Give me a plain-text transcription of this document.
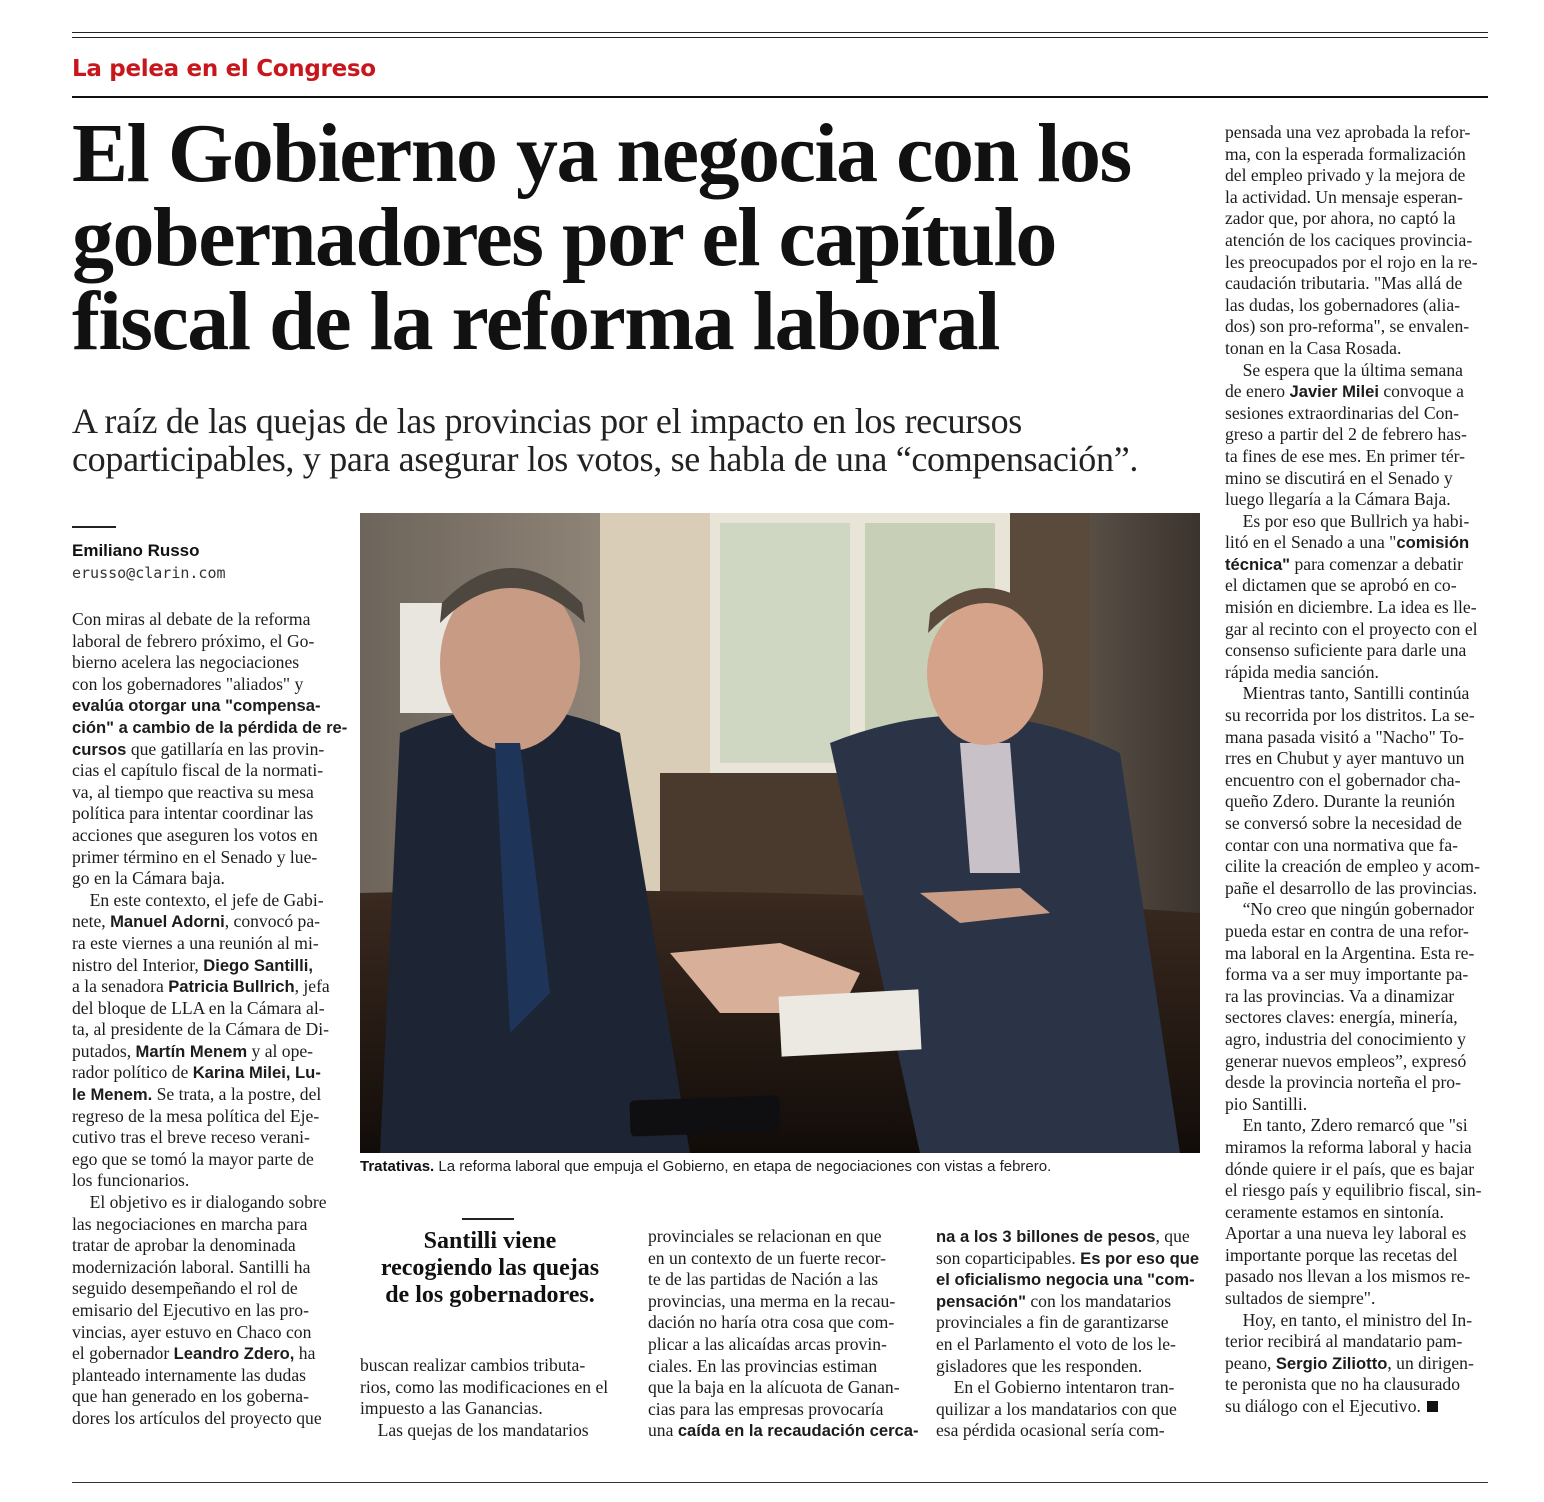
La pelea en el Congreso
El Gobierno ya negocia con los
gobernadores por el capítulo
fiscal de la reforma laboral
A raíz de las quejas de las provincias por el impacto en los recursos
coparticipables, y para asegurar los votos, se habla de una “compensación”.
Emiliano Russo
erusso@clarin.com
Con miras al debate de la reforma
laboral de febrero próximo, el Go-
bierno acelera las negociaciones
con los gobernadores "aliados" y
evalúa otorgar una "compensa-
ción" a cambio de la pérdida de re-
cursos que gatillaría en las provin-
cias el capítulo fiscal de la normati-
va, al tiempo que reactiva su mesa
política para intentar coordinar las
acciones que aseguren los votos en
primer término en el Senado y lue-
go en la Cámara baja.
 En este contexto, el jefe de Gabi-
nete, Manuel Adorni, convocó pa-
ra este viernes a una reunión al mi-
nistro del Interior, Diego Santilli,
a la senadora Patricia Bullrich, jefa
del bloque de LLA en la Cámara al-
ta, al presidente de la Cámara de Di-
putados, Martín Menem y al ope-
rador político de Karina Milei, Lu-
le Menem. Se trata, a la postre, del
regreso de la mesa política del Eje-
cutivo tras el breve receso verani-
ego que se tomó la mayor parte de
los funcionarios.
 El objetivo es ir dialogando sobre
las negociaciones en marcha para
tratar de aprobar la denominada
modernización laboral. Santilli ha
seguido desempeñando el rol de
emisario del Ejecutivo en las pro-
vincias, ayer estuvo en Chaco con
el gobernador Leandro Zdero, ha
planteado internamente las dudas
que han generado en los goberna-
dores los artículos del proyecto que
buscan realizar cambios tributa-
rios, como las modificaciones en el
impuesto a las Ganancias.
 Las quejas de los mandatarios
provinciales se relacionan en que
en un contexto de un fuerte recor-
te de las partidas de Nación a las
provincias, una merma en la recau-
dación no haría otra cosa que com-
plicar a las alicaídas arcas provin-
ciales. En las provincias estiman
que la baja en la alícuota de Ganan-
cias para las empresas provocaría
una caída en la recaudación cerca-
na a los 3 billones de pesos, que
son coparticipables. Es por eso que
el oficialismo negocia una "com-
pensación" con los mandatarios
provinciales a fin de garantizarse
en el Parlamento el voto de los le-
gisladores que les responden.
 En el Gobierno intentaron tran-
quilizar a los mandatarios con que
esa pérdida ocasional sería com-
pensada una vez aprobada la refor-
ma, con la esperada formalización
del empleo privado y la mejora de
la actividad. Un mensaje esperan-
zador que, por ahora, no captó la
atención de los caciques provincia-
les preocupados por el rojo en la re-
caudación tributaria. "Mas allá de
las dudas, los gobernadores (alia-
dos) son pro-reforma", se envalen-
tonan en la Casa Rosada.
 Se espera que la última semana
de enero Javier Milei convoque a
sesiones extraordinarias del Con-
greso a partir del 2 de febrero has-
ta fines de ese mes. En primer tér-
mino se discutirá en el Senado y
luego llegaría a la Cámara Baja.
 Es por eso que Bullrich ya habi-
litó en el Senado a una "comisión
técnica" para comenzar a debatir
el dictamen que se aprobó en co-
misión en diciembre. La idea es lle-
gar al recinto con el proyecto con el
consenso suficiente para darle una
rápida media sanción.
 Mientras tanto, Santilli continúa
su recorrida por los distritos. La se-
mana pasada visitó a "Nacho" To-
rres en Chubut y ayer mantuvo un
encuentro con el gobernador cha-
queño Zdero. Durante la reunión
se conversó sobre la necesidad de
contar con una normativa que fa-
cilite la creación de empleo y acom-
pañe el desarrollo de las provincias.
 “No creo que ningún gobernador
pueda estar en contra de una refor-
ma laboral en la Argentina. Esta re-
forma va a ser muy importante pa-
ra las provincias. Va a dinamizar
sectores claves: energía, minería,
agro, industria del conocimiento y
generar nuevos empleos”, expresó
desde la provincia norteña el pro-
pio Santilli.
 En tanto, Zdero remarcó que "si
miramos la reforma laboral y hacia
dónde quiere ir el país, que es bajar
el riesgo país y equilibrio fiscal, sin-
ceramente estamos en sintonía.
Aportar a una nueva ley laboral es
importante porque las recetas del
pasado nos llevan a los mismos re-
sultados de siempre".
 Hoy, en tanto, el ministro del In-
terior recibirá al mandatario pam-
peano, Sergio Ziliotto, un dirigen-
te peronista que no ha clausurado
su diálogo con el Ejecutivo.
Tratativas. La reforma laboral que empuja el Gobierno, en etapa de negociaciones con vistas a febrero.
Santilli viene
recogiendo las quejas
de los gobernadores.
